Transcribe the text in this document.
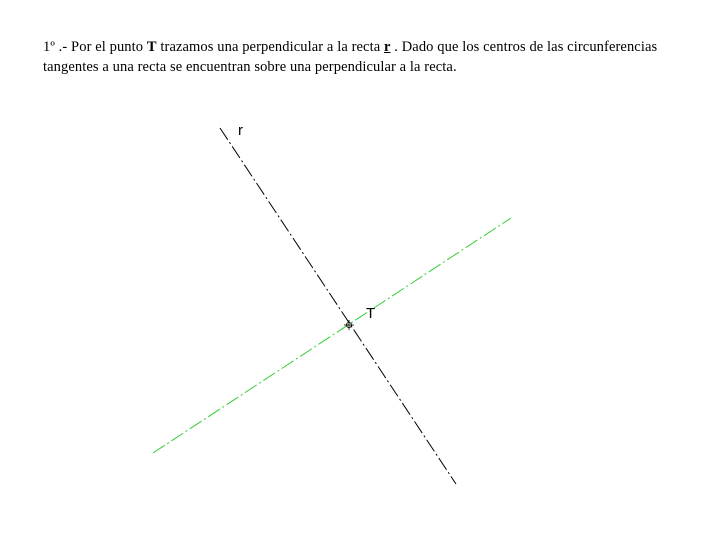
1º .- Por el punto T trazamos una perpendicular a la recta r . Dado que los centros de las circunferencias tangentes a una recta se encuentran sobre una perpendicular a la recta.
r
T
